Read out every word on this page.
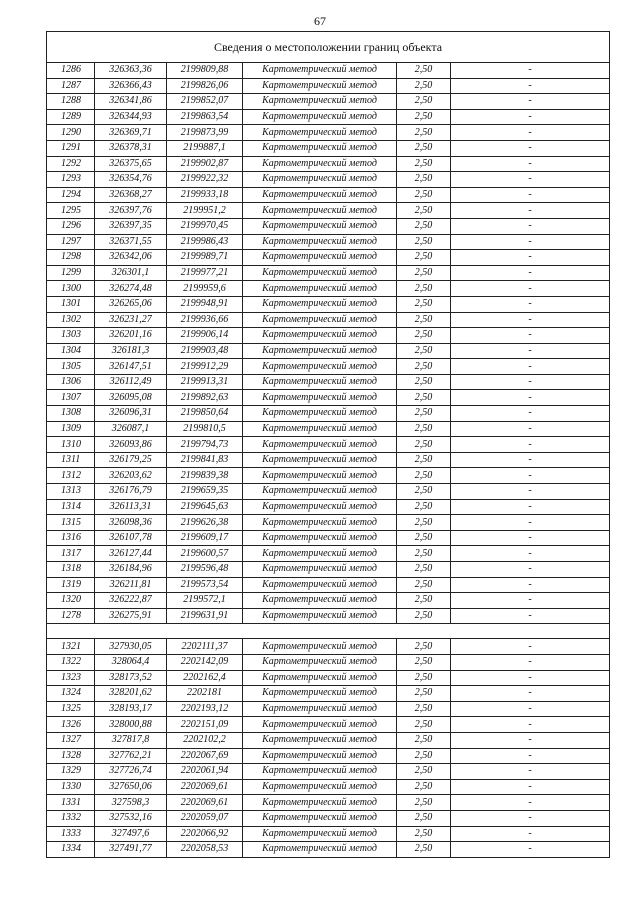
67
Сведения о местоположении границ объекта					
1286	326363,36	2199809,88	Картометрический метод	2,50	-
1287	326366,43	2199826,06	Картометрический метод	2,50	-
1288	326341,86	2199852,07	Картометрический метод	2,50	-
1289	326344,93	2199863,54	Картометрический метод	2,50	-
1290	326369,71	2199873,99	Картометрический метод	2,50	-
1291	326378,31	2199887,1	Картометрический метод	2,50	-
1292	326375,65	2199902,87	Картометрический метод	2,50	-
1293	326354,76	2199922,32	Картометрический метод	2,50	-
1294	326368,27	2199933,18	Картометрический метод	2,50	-
1295	326397,76	2199951,2	Картометрический метод	2,50	-
1296	326397,35	2199970,45	Картометрический метод	2,50	-
1297	326371,55	2199986,43	Картометрический метод	2,50	-
1298	326342,06	2199989,71	Картометрический метод	2,50	-
1299	326301,1	2199977,21	Картометрический метод	2,50	-
1300	326274,48	2199959,6	Картометрический метод	2,50	-
1301	326265,06	2199948,91	Картометрический метод	2,50	-
1302	326231,27	2199936,66	Картометрический метод	2,50	-
1303	326201,16	2199906,14	Картометрический метод	2,50	-
1304	326181,3	2199903,48	Картометрический метод	2,50	-
1305	326147,51	2199912,29	Картометрический метод	2,50	-
1306	326112,49	2199913,31	Картометрический метод	2,50	-
1307	326095,08	2199892,63	Картометрический метод	2,50	-
1308	326096,31	2199850,64	Картометрический метод	2,50	-
1309	326087,1	2199810,5	Картометрический метод	2,50	-
1310	326093,86	2199794,73	Картометрический метод	2,50	-
1311	326179,25	2199841,83	Картометрический метод	2,50	-
1312	326203,62	2199839,38	Картометрический метод	2,50	-
1313	326176,79	2199659,35	Картометрический метод	2,50	-
1314	326113,31	2199645,63	Картометрический метод	2,50	-
1315	326098,36	2199626,38	Картометрический метод	2,50	-
1316	326107,78	2199609,17	Картометрический метод	2,50	-
1317	326127,44	2199600,57	Картометрический метод	2,50	-
1318	326184,96	2199596,48	Картометрический метод	2,50	-
1319	326211,81	2199573,54	Картометрический метод	2,50	-
1320	326222,87	2199572,1	Картометрический метод	2,50	-
1278	326275,91	2199631,91	Картометрический метод	2,50	-

1321	327930,05	2202111,37	Картометрический метод	2,50	-
1322	328064,4	2202142,09	Картометрический метод	2,50	-
1323	328173,52	2202162,4	Картометрический метод	2,50	-
1324	328201,62	2202181	Картометрический метод	2,50	-
1325	328193,17	2202193,12	Картометрический метод	2,50	-
1326	328000,88	2202151,09	Картометрический метод	2,50	-
1327	327817,8	2202102,2	Картометрический метод	2,50	-
1328	327762,21	2202067,69	Картометрический метод	2,50	-
1329	327726,74	2202061,94	Картометрический метод	2,50	-
1330	327650,06	2202069,61	Картометрический метод	2,50	-
1331	327598,3	2202069,61	Картометрический метод	2,50	-
1332	327532,16	2202059,07	Картометрический метод	2,50	-
1333	327497,6	2202066,92	Картометрический метод	2,50	-
1334	327491,77	2202058,53	Картометрический метод	2,50	-
